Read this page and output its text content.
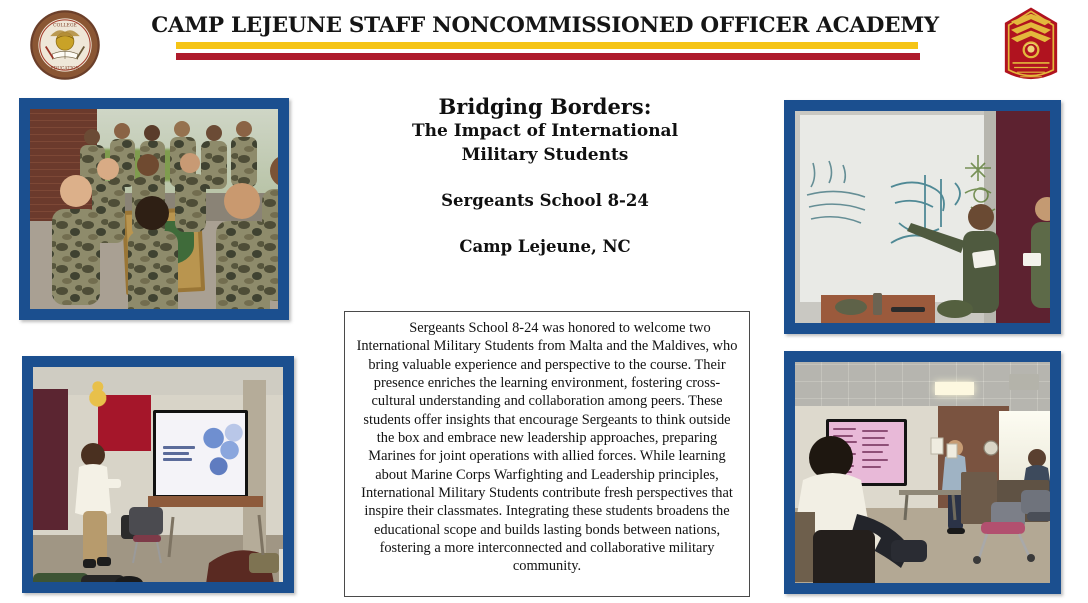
COLLEGE
EDUCATION
CAMP LEJEUNE STAFF NONCOMMISSIONED OFFICER ACADEMY
Bridging Borders:
The Impact of International
Military Students
Sergeants School 8-24
Camp Lejeune, NC

Sergeants School 8-24 was honored to welcome two International Military Students from Malta and the Maldives, who bring valuable experience and perspective to the course. Their presence enriches the learning environment, fostering cross-cultural understanding and collaboration among peers. These students offer insights that encourage Sergeants to think outside the box and embrace new leadership approaches, preparing Marines for joint operations with allied forces. While learning about Marine Corps Warfighting and Leadership principles, International Military Students contribute fresh perspectives that inspire their classmates. Integrating these students broadens the educational scope and builds lasting bonds between nations, fostering a more interconnected and collaborative military community.
